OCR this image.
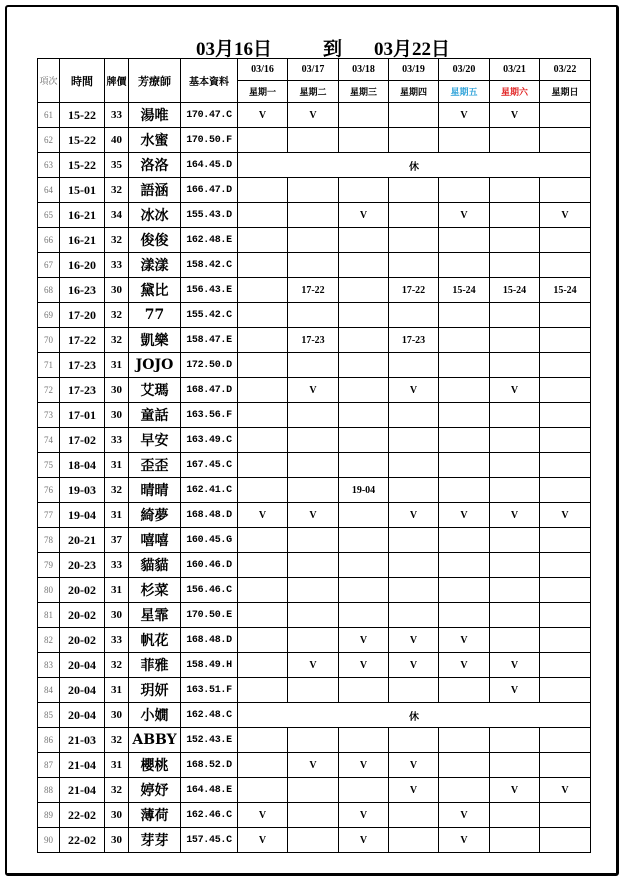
03月16日	到 03月22日
項次	時間	牌價	芳療師	基本資料	03/16	03/17	03/18	03/19	03/20	03/21	03/22
					星期一	星期二	星期三	星期四	星期五	星期六	星期日
61	15-22	33	湯唯	170.47.C	V	V			V	V	
62	15-22	40	水蜜	170.50.F							
63	15-22	35	洛洛	164.45.D	休						
64	15-01	32	語涵	166.47.D							
65	16-21	34	冰冰	155.43.D			V		V		V
66	16-21	32	俊俊	162.48.E							
67	16-20	33	漾漾	158.42.C							
68	16-23	30	黛比	156.43.E		17-22		17-22	15-24	15-24	15-24
69	17-20	32	77	155.42.C							
70	17-22	32	凱樂	158.47.E		17-23		17-23			
71	17-23	31	JOJO	172.50.D							
72	17-23	30	艾瑪	168.47.D		V		V		V	
73	17-01	30	童話	163.56.F							
74	17-02	33	早安	163.49.C							
75	18-04	31	歪歪	167.45.C							
76	19-03	32	晴晴	162.41.C			19-04				
77	19-04	31	綺夢	168.48.D	V	V		V	V	V	V
78	20-21	37	嘻嘻	160.45.G							
79	20-23	33	貓貓	160.46.D							
80	20-02	31	杉菜	156.46.C							
81	20-02	30	星霏	170.50.E							
82	20-02	33	帆花	168.48.D			V	V	V		
83	20-04	32	菲雅	158.49.H		V	V	V	V	V	
84	20-04	31	玥妍	163.51.F						V	
85	20-04	30	小嫺	162.48.C	休						
86	21-03	32	ABBY	152.43.E							
87	21-04	31	櫻桃	168.52.D		V	V	V			
88	21-04	32	婷妤	164.48.E				V		V	V
89	22-02	30	薄荷	162.46.C	V		V		V		
90	22-02	30	芽芽	157.45.C	V		V		V		
